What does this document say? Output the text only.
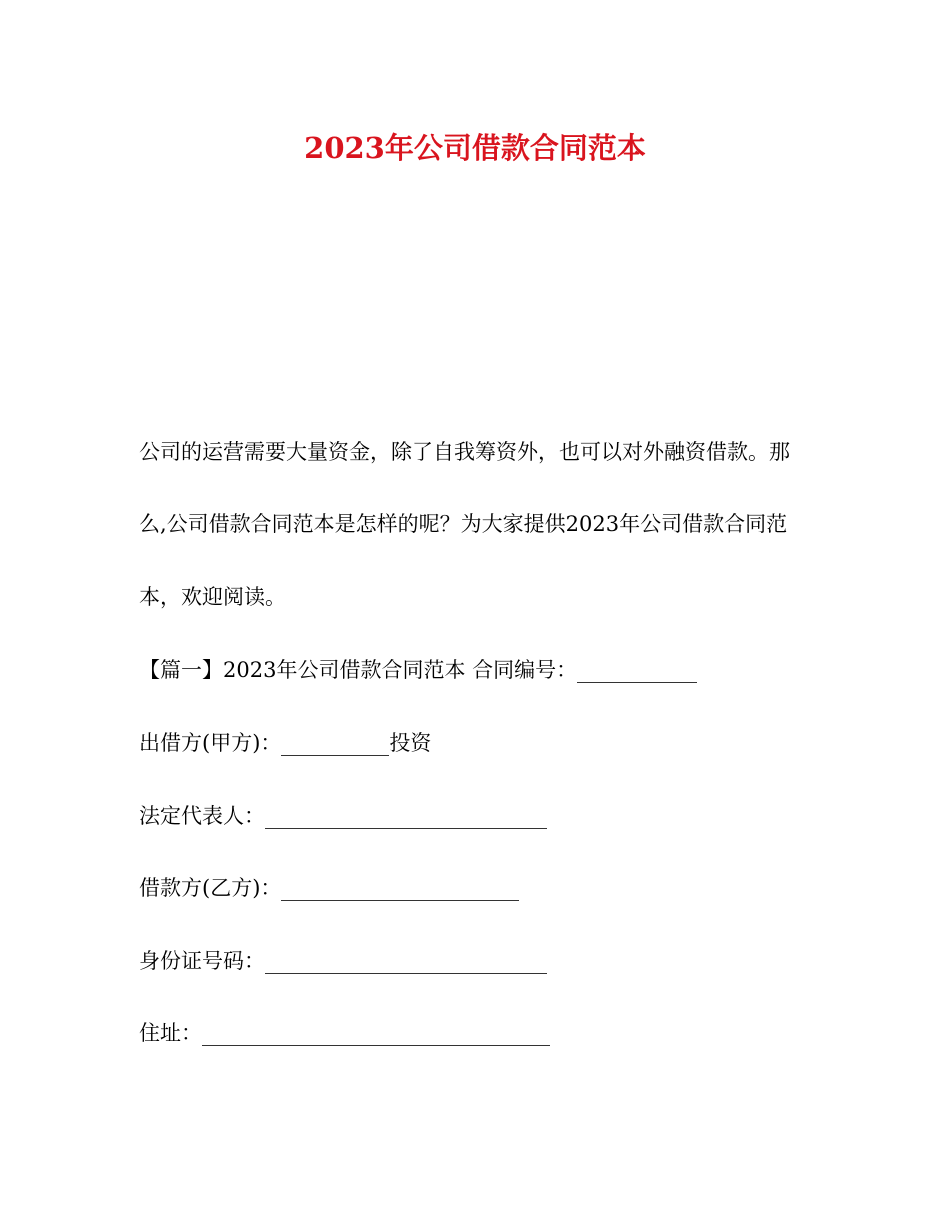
2023年公司借款合同范本
公司的运营需要大量资金，除了自我筹资外，也可以对外融资借款。那
么,公司借款合同范本是怎样的呢？为大家提供2023年公司借款合同范
本，欢迎阅读。
【篇一】2023年公司借款合同范本 合同编号：
出借方(甲方)：	投资
法定代表人：
借款方(乙方)：
身份证号码：
住址：
